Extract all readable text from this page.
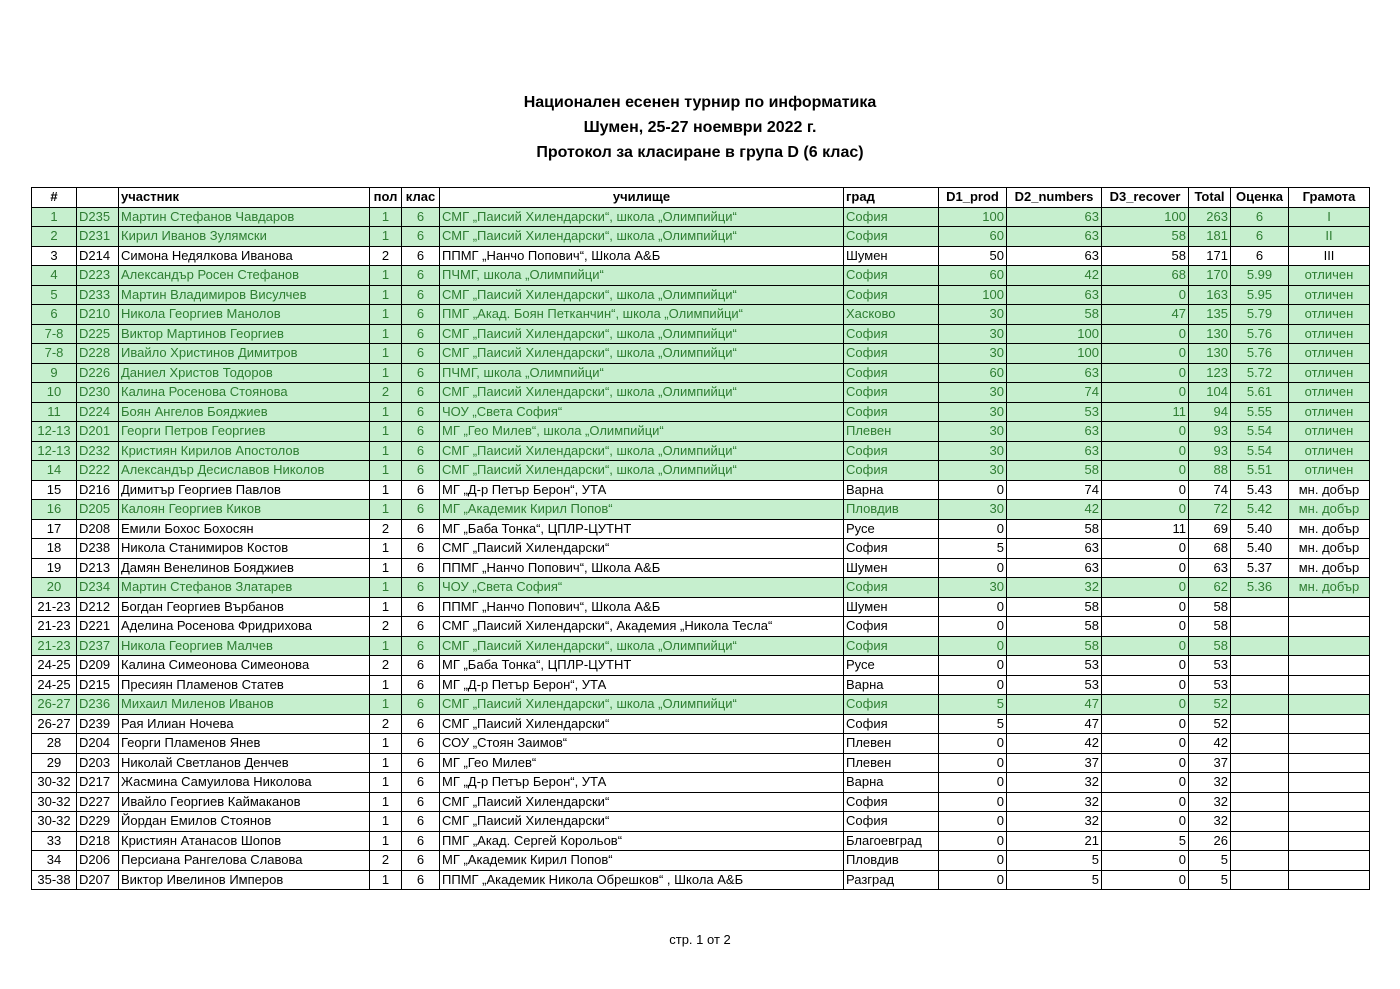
Национален есенен турнир по информатика
Шумен, 25-27 ноември 2022 г.
Протокол за класиране в група D (6 клас)
#		участник	пол	клас	училище	град	D1_prod	D2_numbers	D3_recover	Total	Оценка	Грамота
1	D235	Мартин Стефанов Чавдаров	1	6	СМГ „Паисий Хилендарски“, школа „Олимпийци“	София	100	63	100	263	6	I
2	D231	Кирил Иванов Зулямски	1	6	СМГ „Паисий Хилендарски“, школа „Олимпийци“	София	60	63	58	181	6	II
3	D214	Симона Недялкова Иванова	2	6	ППМГ „Нанчо Попович“, Школа А&Б	Шумен	50	63	58	171	6	III
4	D223	Александър Росен Стефанов	1	6	ПЧМГ, школа „Олимпийци“	София	60	42	68	170	5.99	отличен
5	D233	Мартин Владимиров Висулчев	1	6	СМГ „Паисий Хилендарски“, школа „Олимпийци“	София	100	63	0	163	5.95	отличен
6	D210	Никола Георгиев Манолов	1	6	ПМГ „Акад. Боян Петканчин“, школа „Олимпийци“	Хасково	30	58	47	135	5.79	отличен
7-8	D225	Виктор Мартинов Георгиев	1	6	СМГ „Паисий Хилендарски“, школа „Олимпийци“	София	30	100	0	130	5.76	отличен
7-8	D228	Ивайло Христинов Димитров	1	6	СМГ „Паисий Хилендарски“, школа „Олимпийци“	София	30	100	0	130	5.76	отличен
9	D226	Даниел Христов Тодоров	1	6	ПЧМГ, школа „Олимпийци“	София	60	63	0	123	5.72	отличен
10	D230	Калина Росенова Стоянова	2	6	СМГ „Паисий Хилендарски“, школа „Олимпийци“	София	30	74	0	104	5.61	отличен
11	D224	Боян Ангелов Бояджиев	1	6	ЧОУ „Света София“	София	30	53	11	94	5.55	отличен
12-13	D201	Георги Петров Георгиев	1	6	МГ „Гео Милев“, школа „Олимпийци“	Плевен	30	63	0	93	5.54	отличен
12-13	D232	Кристиян Кирилов Апостолов	1	6	СМГ „Паисий Хилендарски“, школа „Олимпийци“	София	30	63	0	93	5.54	отличен
14	D222	Александър Десиславов Николов	1	6	СМГ „Паисий Хилендарски“, школа „Олимпийци“	София	30	58	0	88	5.51	отличен
15	D216	Димитър Георгиев Павлов	1	6	МГ „Д-р Петър Берон“, УТА	Варна	0	74	0	74	5.43	мн. добър
16	D205	Калоян Георгиев Киков	1	6	МГ „Академик Кирил Попов“	Пловдив	30	42	0	72	5.42	мн. добър
17	D208	Емили Бохос Бохосян	2	6	МГ „Баба Тонка“, ЦПЛР-ЦУТНТ	Русе	0	58	11	69	5.40	мн. добър
18	D238	Никола Станимиров Костов	1	6	СМГ „Паисий Хилендарски“	София	5	63	0	68	5.40	мн. добър
19	D213	Дамян Венелинов Бояджиев	1	6	ППМГ „Нанчо Попович“, Школа А&Б	Шумен	0	63	0	63	5.37	мн. добър
20	D234	Мартин Стефанов Златарев	1	6	ЧОУ „Света София“	София	30	32	0	62	5.36	мн. добър
21-23	D212	Богдан Георгиев Върбанов	1	6	ППМГ „Нанчо Попович“, Школа А&Б	Шумен	0	58	0	58		
21-23	D221	Аделина Росенова Фридрихова	2	6	СМГ „Паисий Хилендарски“, Академия „Никола Тесла“	София	0	58	0	58		
21-23	D237	Никола Георгиев Малчев	1	6	СМГ „Паисий Хилендарски“, школа „Олимпийци“	София	0	58	0	58		
24-25	D209	Калина Симеонова Симеонова	2	6	МГ „Баба Тонка“, ЦПЛР-ЦУТНТ	Русе	0	53	0	53		
24-25	D215	Пресиян Пламенов Статев	1	6	МГ „Д-р Петър Берон“, УТА	Варна	0	53	0	53		
26-27	D236	Михаил Миленов Иванов	1	6	СМГ „Паисий Хилендарски“, школа „Олимпийци“	София	5	47	0	52		
26-27	D239	Рая Илиан Ночева	2	6	СМГ „Паисий Хилендарски“	София	5	47	0	52		
28	D204	Георги Пламенов Янев	1	6	СОУ „Стоян Заимов“	Плевен	0	42	0	42		
29	D203	Николай Светланов Денчев	1	6	МГ „Гео Милев“	Плевен	0	37	0	37		
30-32	D217	Жасмина Самуилова Николова	1	6	МГ „Д-р Петър Берон“, УТА	Варна	0	32	0	32		
30-32	D227	Ивайло Георгиев Каймаканов	1	6	СМГ „Паисий Хилендарски“	София	0	32	0	32		
30-32	D229	Йордан Емилов Стоянов	1	6	СМГ „Паисий Хилендарски“	София	0	32	0	32		
33	D218	Кристиян Атанасов Шопов	1	6	ПМГ „Акад. Сергей Корольов“	Благоевград	0	21	5	26		
34	D206	Персиана Рангелова Славова	2	6	МГ „Академик Кирил Попов“	Пловдив	0	5	0	5		
35-38	D207	Виктор Ивелинов Имперов	1	6	ППМГ „Академик Никола Обрешков“ , Школа А&Б	Разград	0	5	0	5		
стр. 1 от 2
